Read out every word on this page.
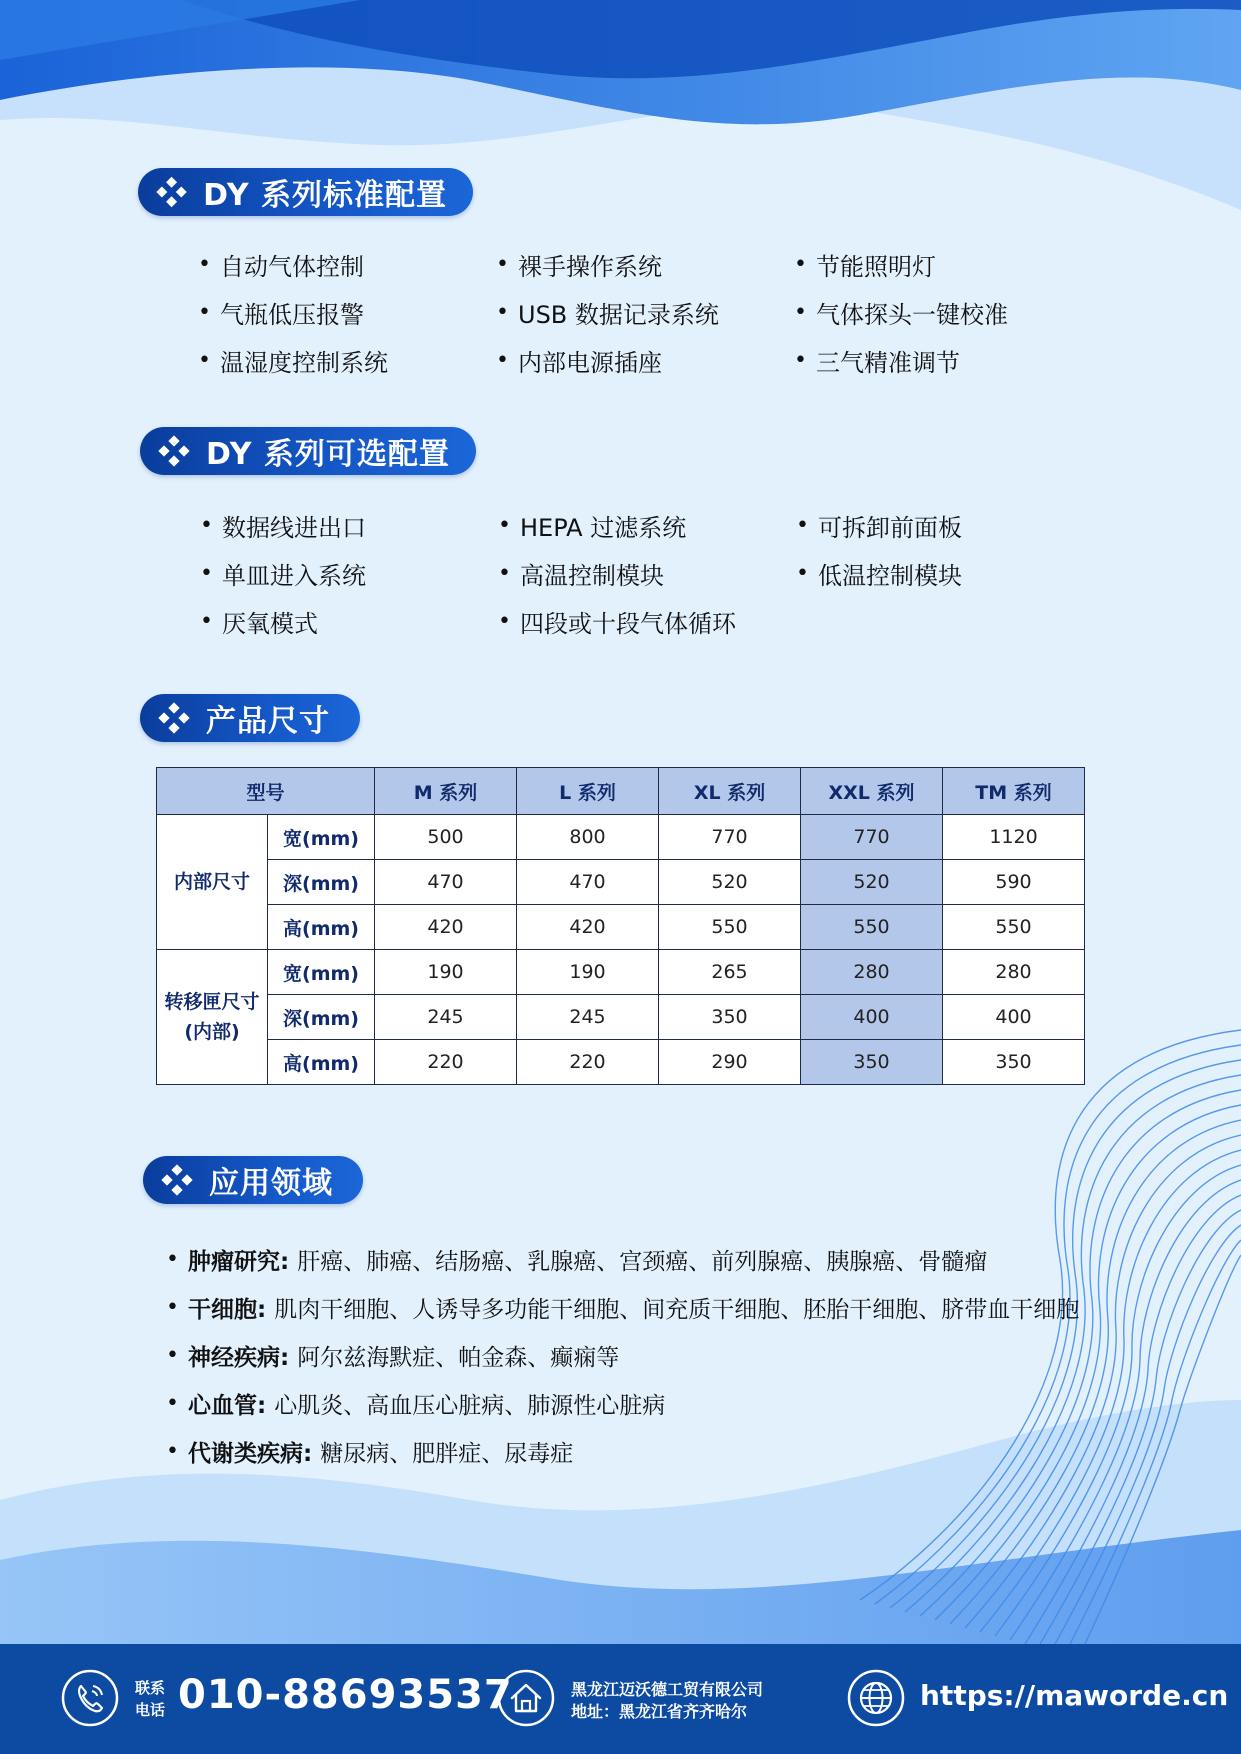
DY 系列标准配置
• 自动气体控制	• 裸手操作系统	• 节能照明灯
• 气瓶低压报警	• USB 数据记录系统	• 气体探头一键校准
• 温湿度控制系统	• 内部电源插座	• 三气精准调节
DY 系列可选配置
• 数据线进出口	• HEPA 过滤系统	• 可拆卸前面板
• 单皿进入系统	• 高温控制模块	• 低温控制模块
• 厌氧模式	• 四段或十段气体循环
产品尺寸
型号		M 系列	L 系列	XL 系列	XXL 系列	TM 系列
内部尺寸	宽(mm)	500	800	770	770	1120
	深(mm)	470	470	520	520	590
	高(mm)	420	420	550	550	550
转移匣尺寸
(内部)	宽(mm)	190	190	265	280	280
	深(mm)	245	245	350	400	400
	高(mm)	220	220	290	350	350
应用领域
• 肿瘤研究: 肝癌、肺癌、结肠癌、乳腺癌、宫颈癌、前列腺癌、胰腺癌、骨髓瘤
• 干细胞: 肌肉干细胞、人诱导多功能干细胞、间充质干细胞、胚胎干细胞、脐带血干细胞
• 神经疾病: 阿尔兹海默症、帕金森、癫痫等
• 心血管: 心肌炎、高血压心脏病、肺源性心脏病
• 代谢类疾病: 糖尿病、肥胖症、尿毒症
联系
电话 010-88693537	黑龙江迈沃德工贸有限公司
地址：黑龙江省齐齐哈尔	https://maworde.cn
